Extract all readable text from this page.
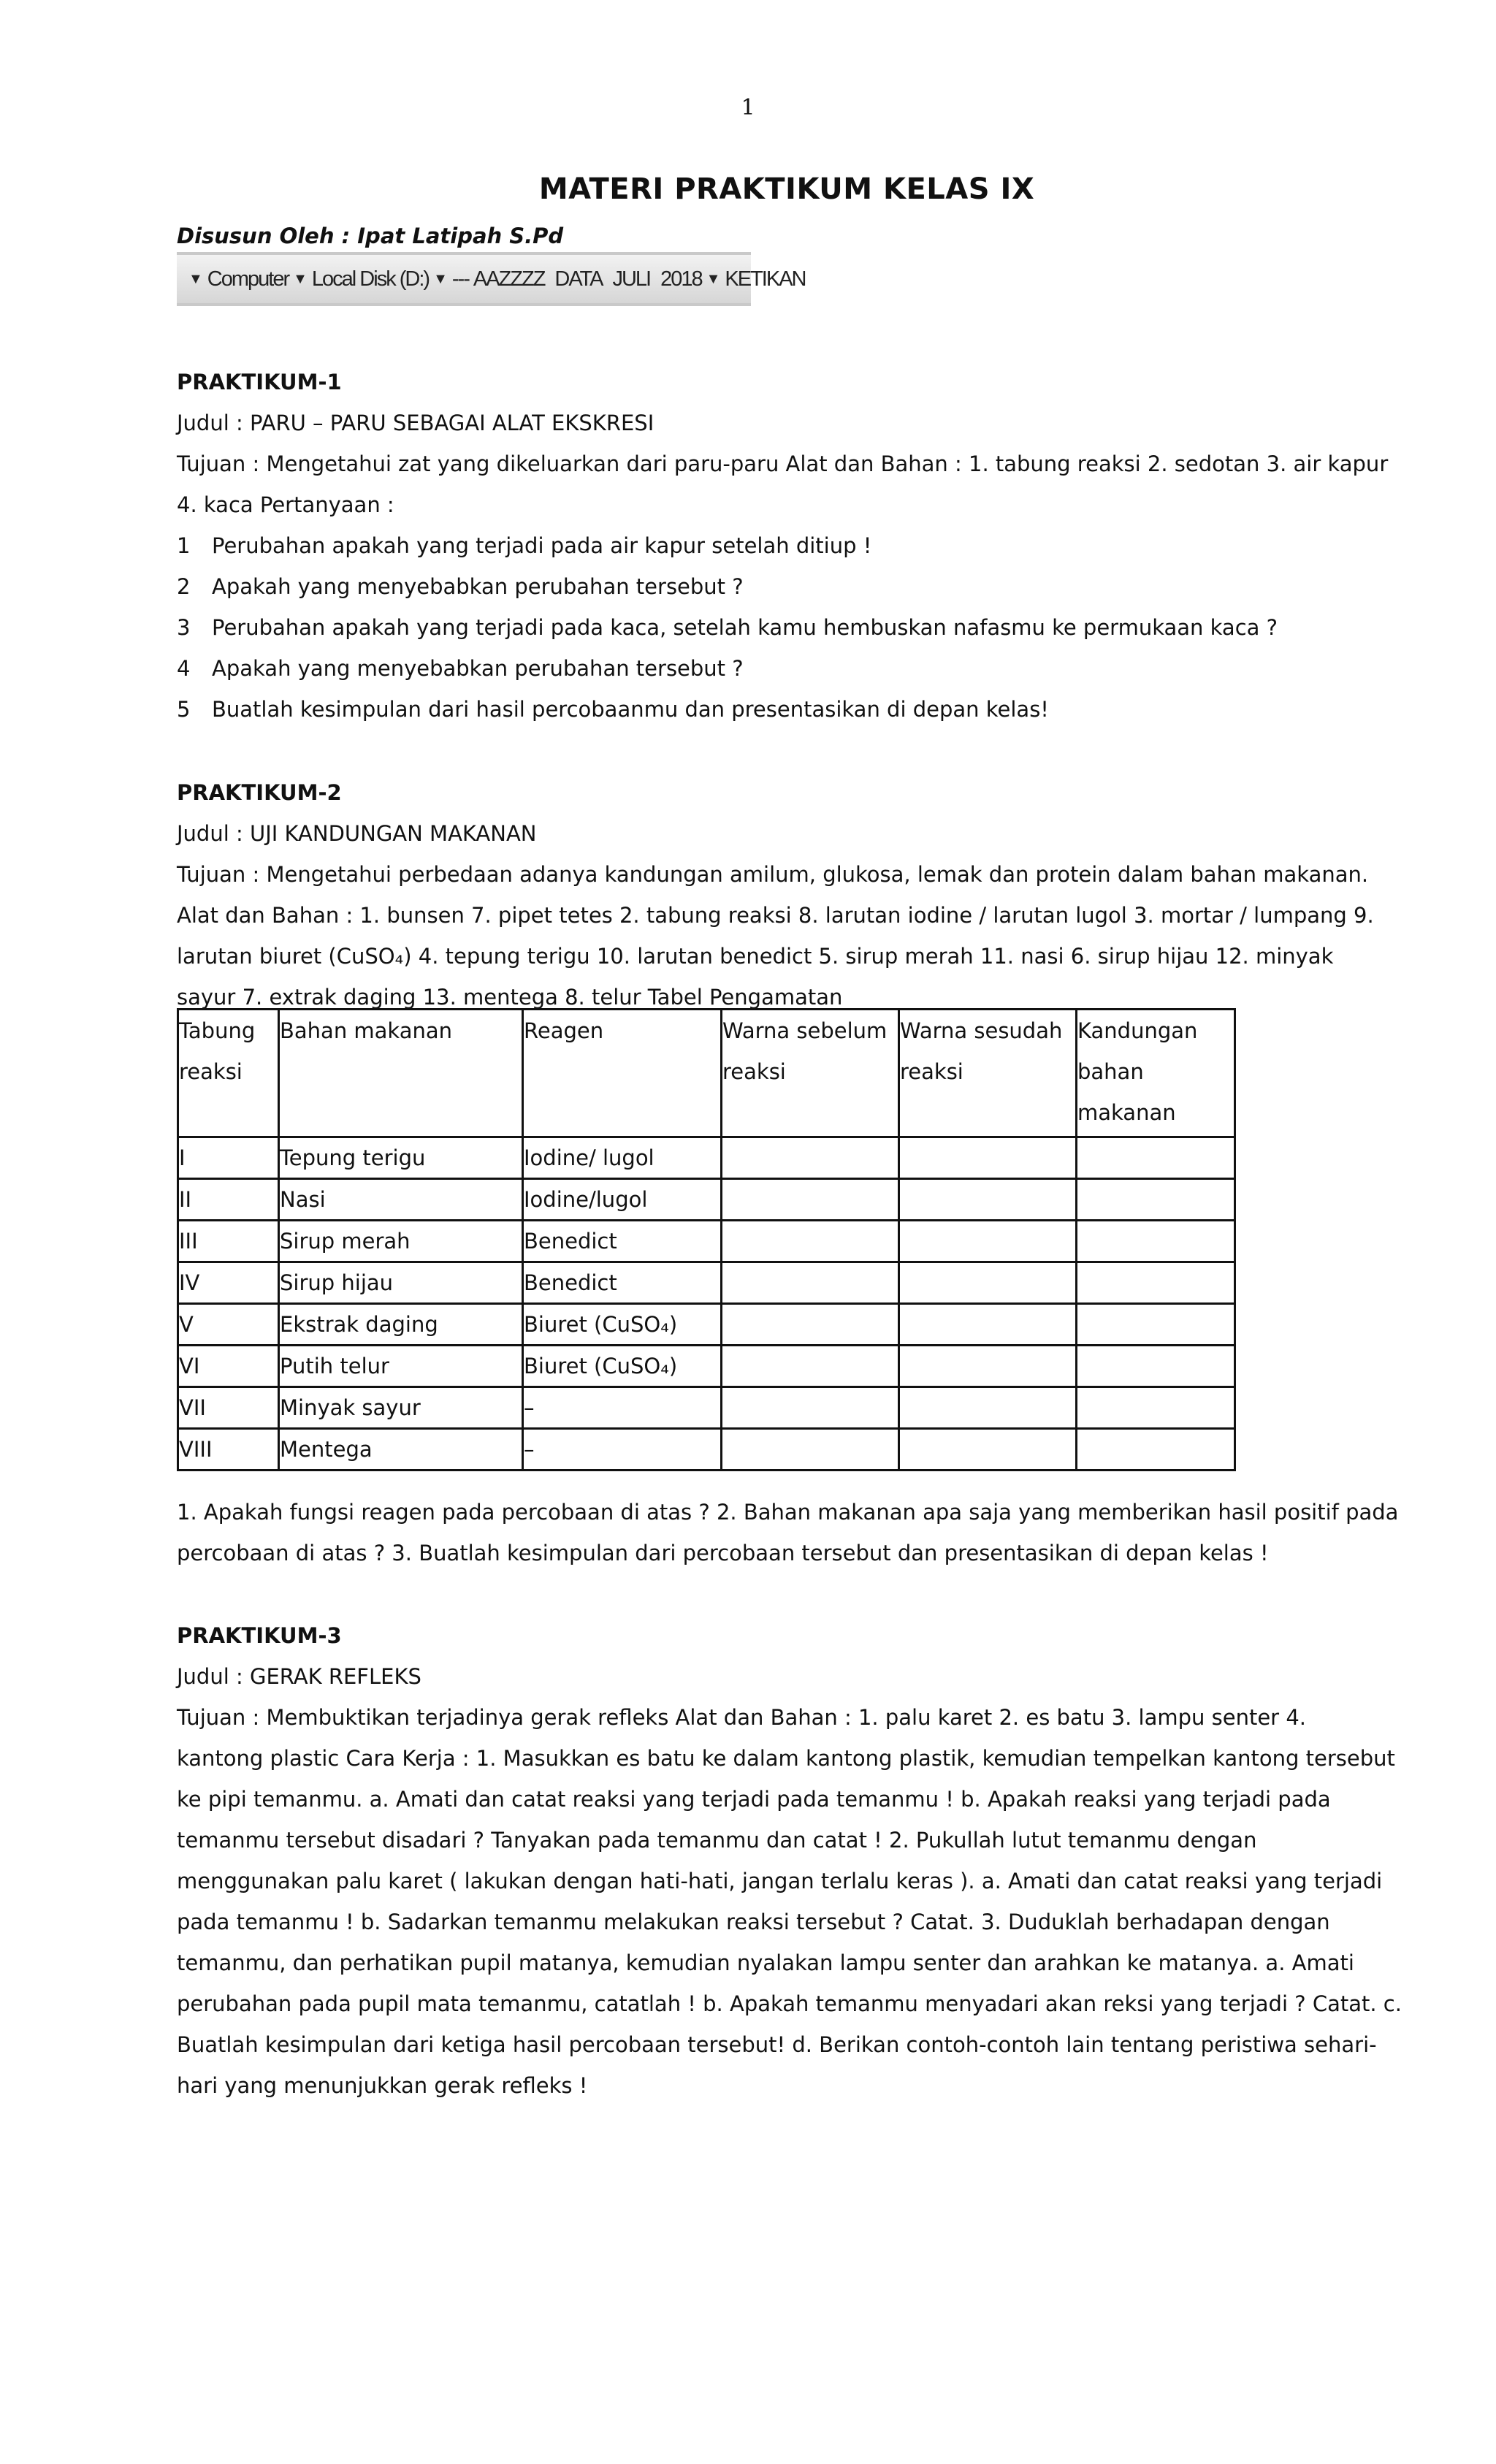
1
MATERI PRAKTIKUM KELAS IX
Disusun Oleh : Ipat Latipah S.Pd
▼ Computer ▼ Local Disk (D:) ▼ --- AAZZZZ DATA JULI 2018 ▼ KETIKAN
PRAKTIKUM-1
Judul : PARU – PARU SEBAGAI ALAT EKSKRESI
Tujuan : Mengetahui zat yang dikeluarkan dari paru-paru Alat dan Bahan : 1. tabung reaksi 2. sedotan 3. air kapur
4. kaca Pertanyaan :
1	Perubahan apakah yang terjadi pada air kapur setelah ditiup !
2	Apakah yang menyebabkan perubahan tersebut ?
3	Perubahan apakah yang terjadi pada kaca, setelah kamu hembuskan nafasmu ke permukaan kaca ?
4	Apakah yang menyebabkan perubahan tersebut ?
5	Buatlah kesimpulan dari hasil percobaanmu dan presentasikan di depan kelas!
PRAKTIKUM-2
Judul : UJI KANDUNGAN MAKANAN
Tujuan : Mengetahui perbedaan adanya kandungan amilum, glukosa, lemak dan protein dalam bahan makanan.
Alat dan Bahan : 1. bunsen 7. pipet tetes 2. tabung reaksi 8. larutan iodine / larutan lugol 3. mortar / lumpang 9.
larutan biuret (CuSO₄) 4. tepung terigu 10. larutan benedict 5. sirup merah 11. nasi 6. sirup hijau 12. minyak
sayur 7. extrak daging 13. mentega 8. telur Tabel Pengamatan
Tabung reaksi	Bahan makanan	Reagen	Warna sebelum reaksi	Warna sesudah reaksi	Kandungan bahan makanan
I	Tepung terigu	Iodine/ lugol			
II	Nasi	Iodine/lugol			
III	Sirup merah	Benedict			
IV	Sirup hijau	Benedict			
V	Ekstrak daging	Biuret (CuSO₄)			
VI	Putih telur	Biuret (CuSO₄)			
VII	Minyak sayur	–			
VIII	Mentega	–			
1. Apakah fungsi reagen pada percobaan di atas ? 2. Bahan makanan apa saja yang memberikan hasil positif pada
percobaan di atas ? 3. Buatlah kesimpulan dari percobaan tersebut dan presentasikan di depan kelas !
PRAKTIKUM-3
Judul : GERAK REFLEKS
Tujuan : Membuktikan terjadinya gerak refleks Alat dan Bahan : 1. palu karet 2. es batu 3. lampu senter 4.
kantong plastic Cara Kerja : 1. Masukkan es batu ke dalam kantong plastik, kemudian tempelkan kantong tersebut
ke pipi temanmu. a. Amati dan catat reaksi yang terjadi pada temanmu ! b. Apakah reaksi yang terjadi pada
temanmu tersebut disadari ? Tanyakan pada temanmu dan catat ! 2. Pukullah lutut temanmu dengan
menggunakan palu karet ( lakukan dengan hati-hati, jangan terlalu keras ). a. Amati dan catat reaksi yang terjadi
pada temanmu ! b. Sadarkan temanmu melakukan reaksi tersebut ? Catat. 3. Duduklah berhadapan dengan
temanmu, dan perhatikan pupil matanya, kemudian nyalakan lampu senter dan arahkan ke matanya. a. Amati
perubahan pada pupil mata temanmu, catatlah ! b. Apakah temanmu menyadari akan reksi yang terjadi ? Catat. c.
Buatlah kesimpulan dari ketiga hasil percobaan tersebut! d. Berikan contoh-contoh lain tentang peristiwa sehari-
hari yang menunjukkan gerak refleks !
